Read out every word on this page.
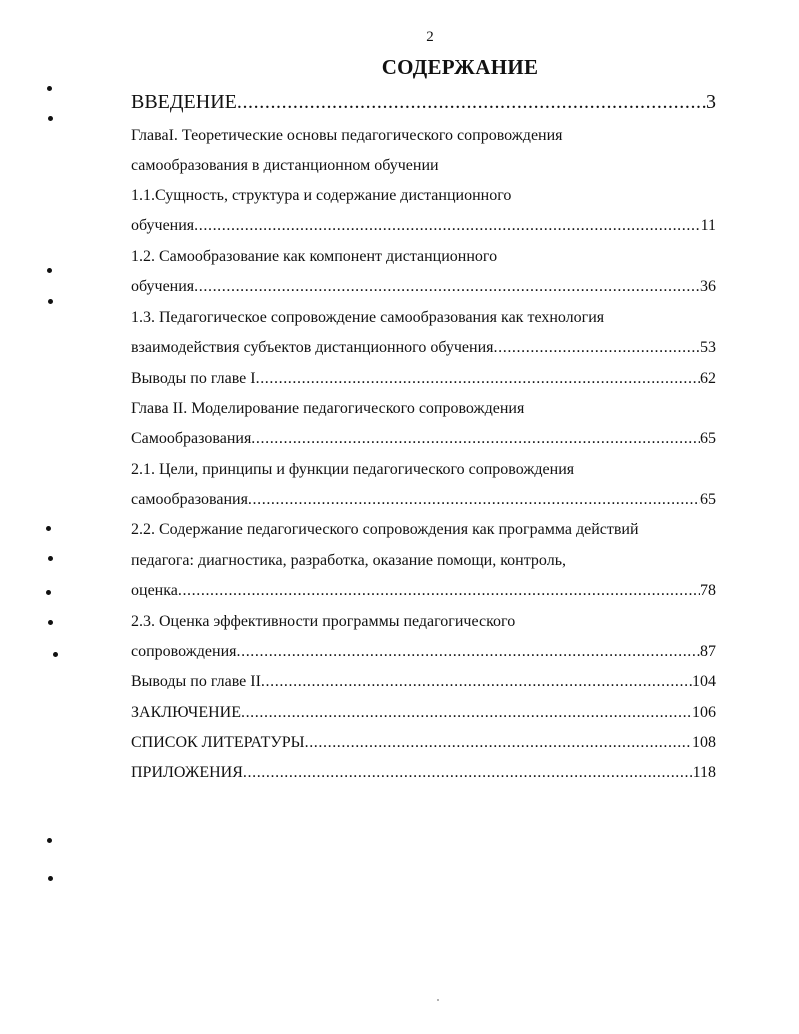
2
СОДЕРЖАНИЕ
ВВЕДЕНИЕ .....	3
ГлаваI. Теоретические основы педагогического сопровождения
самообразования в дистанционном обучении
1.1.Сущность, структура и содержание дистанционного
обучения .....	11
1.2. Самообразование как компонент дистанционного
обучения .....	36
1.3. Педагогическое сопровождение самообразования как технология
взаимодействия субъектов дистанционного обучения .....	53
Выводы по главе I .....	62
Глава II. Моделирование педагогического сопровождения
Самообразования .....	65
2.1. Цели, принципы и функции педагогического сопровождения
самообразования .....	65
2.2. Содержание педагогического сопровождения как программа действий
педагога: диагностика, разработка, оказание помощи, контроль,
оценка .....	78
2.3. Оценка эффективности программы педагогического
сопровождения .....	87
Выводы по главе II .....	104
ЗАКЛЮЧЕНИЕ .....	106
СПИСОК ЛИТЕРАТУРЫ .....	108
ПРИЛОЖЕНИЯ .....	118
